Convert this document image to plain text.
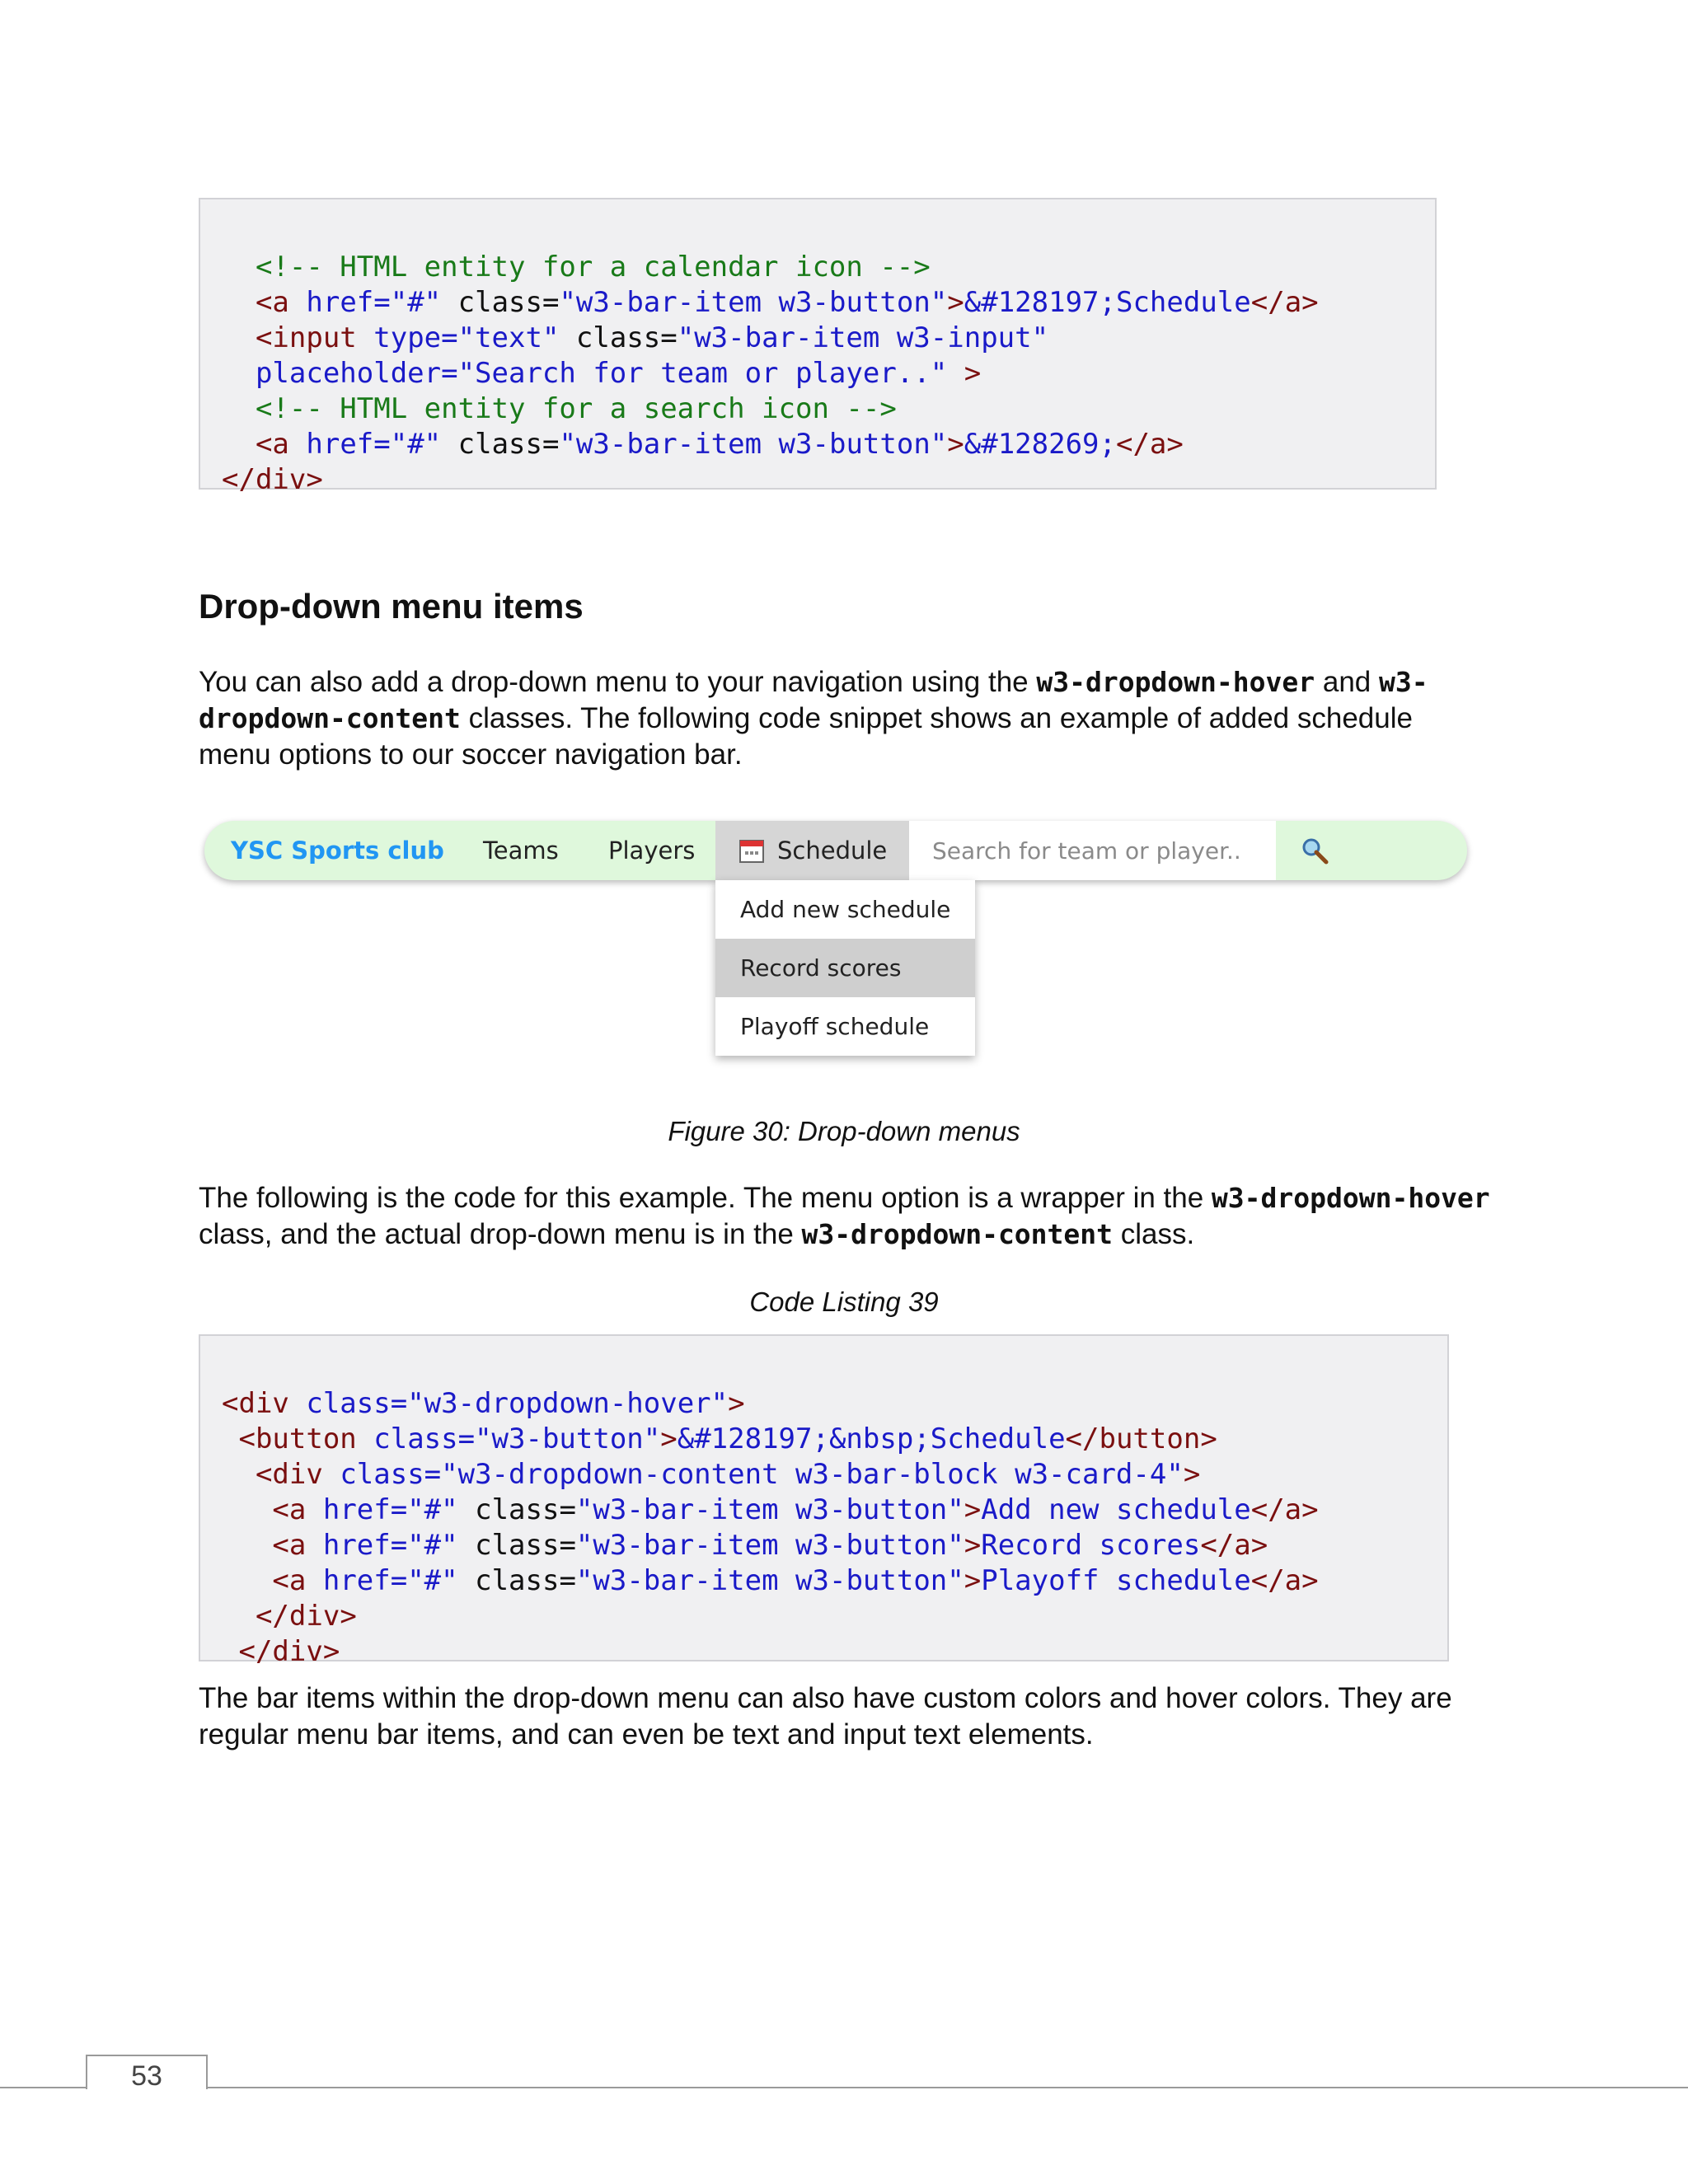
<!-- HTML entity for a calendar icon -->
<a href="#" class="w3-bar-item w3-button">&#128197;Schedule</a>
<input type="text" class="w3-bar-item w3-input"
placeholder="Search for team or player.." >
<!-- HTML entity for a search icon -->
<a href="#" class="w3-bar-item w3-button">&#128269;</a>
</div>

Drop-down menu items

You can also add a drop-down menu to your navigation using the w3-dropdown-hover and w3-dropdown-content classes. The following code snippet shows an example of added schedule menu options to our soccer navigation bar.

YSC Sports club Teams Players	Schedule
Search for team or player..
Add new schedule
Record scores
Playoff schedule

Figure 30: Drop-down menus

The following is the code for this example. The menu option is a wrapper in the w3-dropdown-hover class, and the actual drop-down menu is in the w3-dropdown-content class.

Code Listing 39

<div class="w3-dropdown-hover">
<button class="w3-button">&#128197;&nbsp;Schedule</button>
<div class="w3-dropdown-content w3-bar-block w3-card-4">
<a href="#" class="w3-bar-item w3-button">Add new schedule</a>
<a href="#" class="w3-bar-item w3-button">Record scores</a>
<a href="#" class="w3-bar-item w3-button">Playoff schedule</a>
</div>
</div>

The bar items within the drop-down menu can also have custom colors and hover colors. They are regular menu bar items, and can even be text and input text elements.

53
